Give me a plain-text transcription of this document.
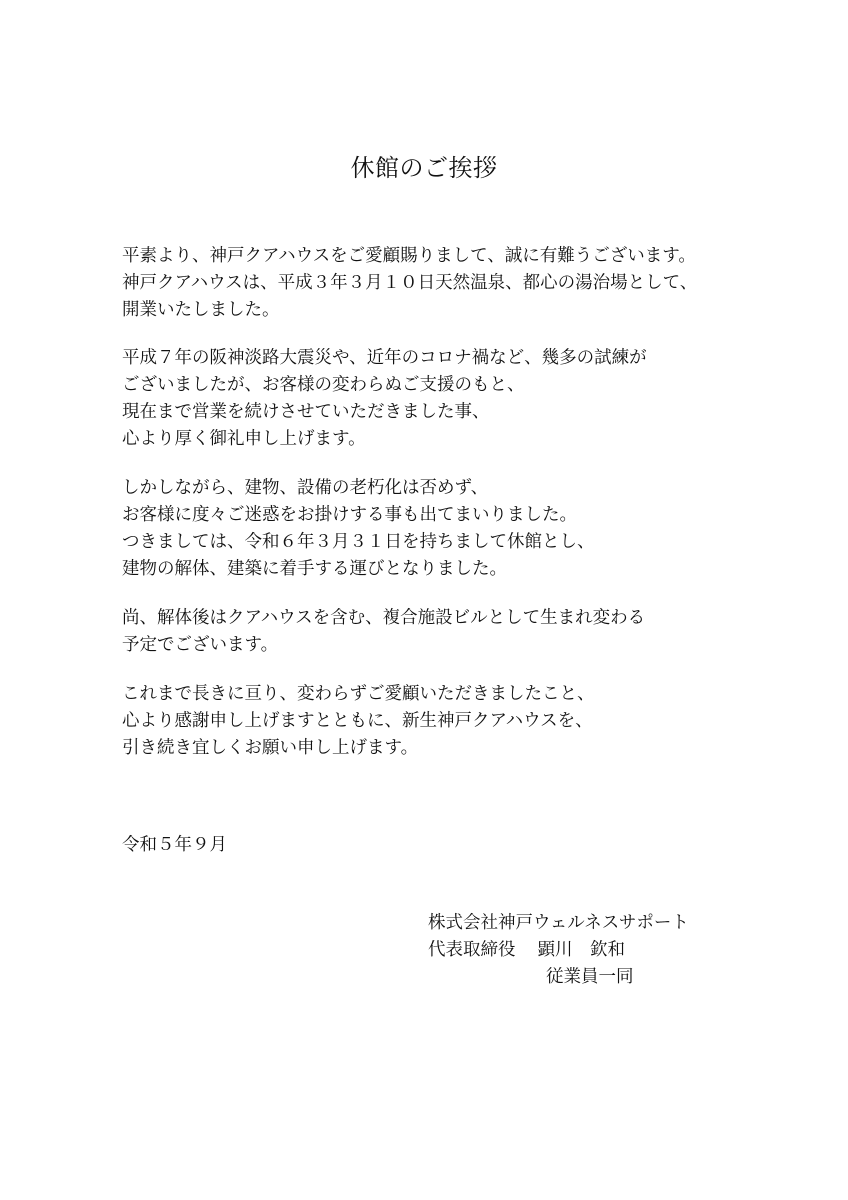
休館のご挨拶
平素より、神戸クアハウスをご愛顧賜りまして、誠に有難うございます。
神戸クアハウスは、平成３年３月１０日天然温泉、都心の湯治場として、
開業いたしました。
平成７年の阪神淡路大震災や、近年のコロナ禍など、幾多の試練が
ございましたが、お客様の変わらぬご支援のもと、
現在まで営業を続けさせていただきました事、
心より厚く御礼申し上げます。
しかしながら、建物、設備の老朽化は否めず、
お客様に度々ご迷惑をお掛けする事も出てまいりました。
つきましては、令和６年３月３１日を持ちまして休館とし、
建物の解体、建築に着手する運びとなりました。
尚、解体後はクアハウスを含む、複合施設ビルとして生まれ変わる
予定でございます。
これまで長きに亘り、変わらずご愛顧いただきましたこと、
心より感謝申し上げますとともに、新生神戸クアハウスを、
引き続き宜しくお願い申し上げます。
令和５年９月
株式会社神戸ウェルネスサポート
代表取締役 顕川　欽和
従業員一同
